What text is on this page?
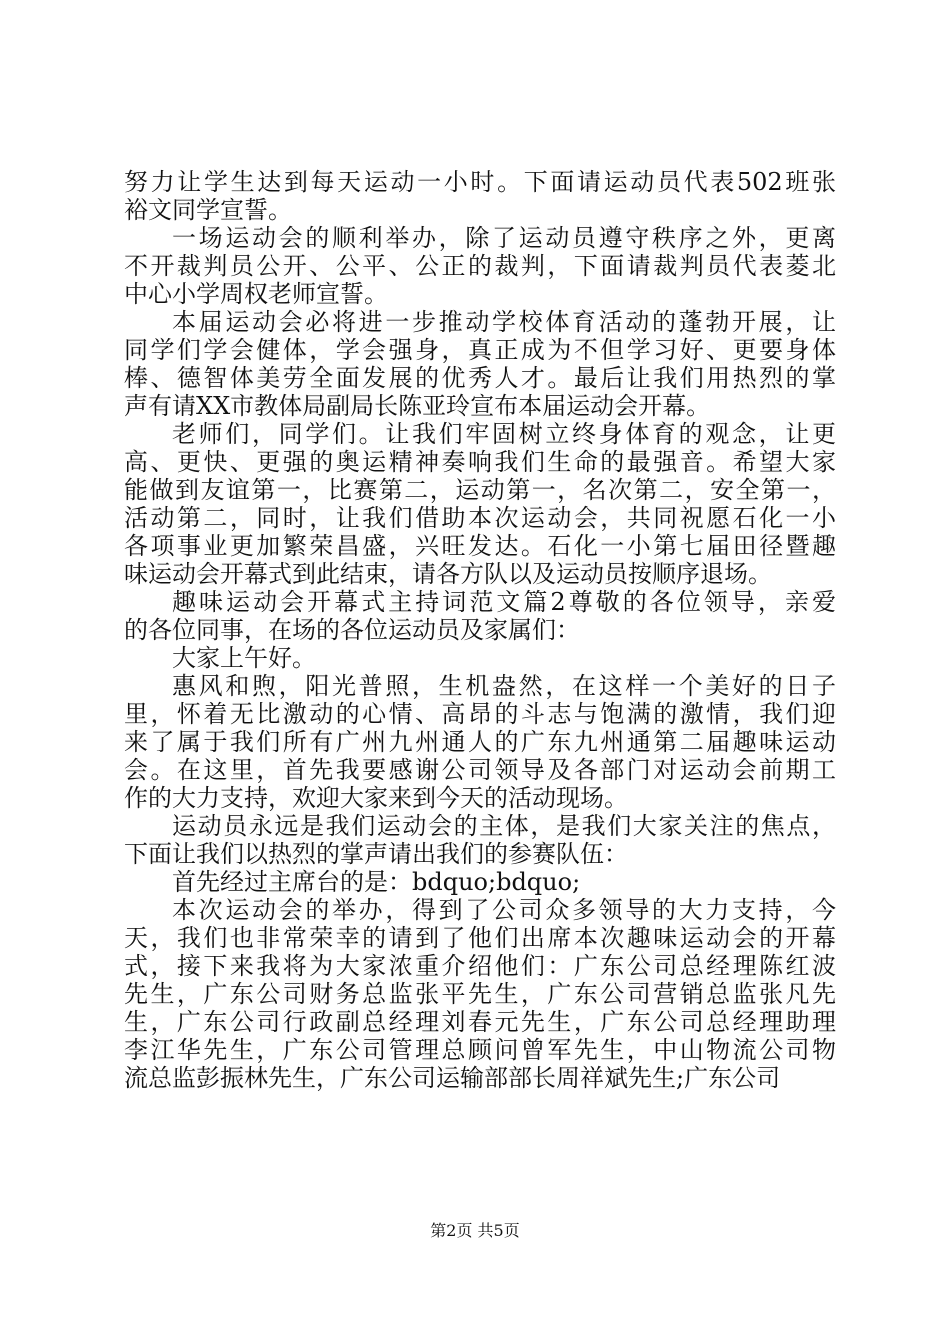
努力让学生达到每天运动一小时。下面请运动员代表502班张
裕文同学宣誓。
一场运动会的顺利举办，除了运动员遵守秩序之外，更离
不开裁判员公开、公平、公正的裁判，下面请裁判员代表菱北
中心小学周权老师宣誓。
本届运动会必将进一步推动学校体育活动的蓬勃开展，让
同学们学会健体，学会强身，真正成为不但学习好、更要身体
棒、德智体美劳全面发展的优秀人才。最后让我们用热烈的掌
声有请XX市教体局副局长陈亚玲宣布本届运动会开幕。
老师们，同学们。让我们牢固树立终身体育的观念，让更
高、更快、更强的奥运精神奏响我们生命的最强音。希望大家
能做到友谊第一，比赛第二，运动第一，名次第二，安全第一，
活动第二，同时，让我们借助本次运动会，共同祝愿石化一小
各项事业更加繁荣昌盛，兴旺发达。石化一小第七届田径暨趣
味运动会开幕式到此结束，请各方队以及运动员按顺序退场。
趣味运动会开幕式主持词范文篇2尊敬的各位领导，亲爱
的各位同事，在场的各位运动员及家属们：
大家上午好。
惠风和煦，阳光普照，生机盎然，在这样一个美好的日子
里，怀着无比激动的心情、高昂的斗志与饱满的激情，我们迎
来了属于我们所有广州九州通人的广东九州通第二届趣味运动
会。在这里，首先我要感谢公司领导及各部门对运动会前期工
作的大力支持，欢迎大家来到今天的活动现场。
运动员永远是我们运动会的主体，是我们大家关注的焦点，
下面让我们以热烈的掌声请出我们的参赛队伍：
首先经过主席台的是：bdquo;bdquo;
本次运动会的举办，得到了公司众多领导的大力支持，今
天，我们也非常荣幸的请到了他们出席本次趣味运动会的开幕
式，接下来我将为大家浓重介绍他们：广东公司总经理陈红波
先生，广东公司财务总监张平先生，广东公司营销总监张凡先
生，广东公司行政副总经理刘春元先生，广东公司总经理助理
李江华先生，广东公司管理总顾问曾军先生，中山物流公司物
流总监彭振林先生，广东公司运输部部长周祥斌先生;广东公司
第2页 共5页
